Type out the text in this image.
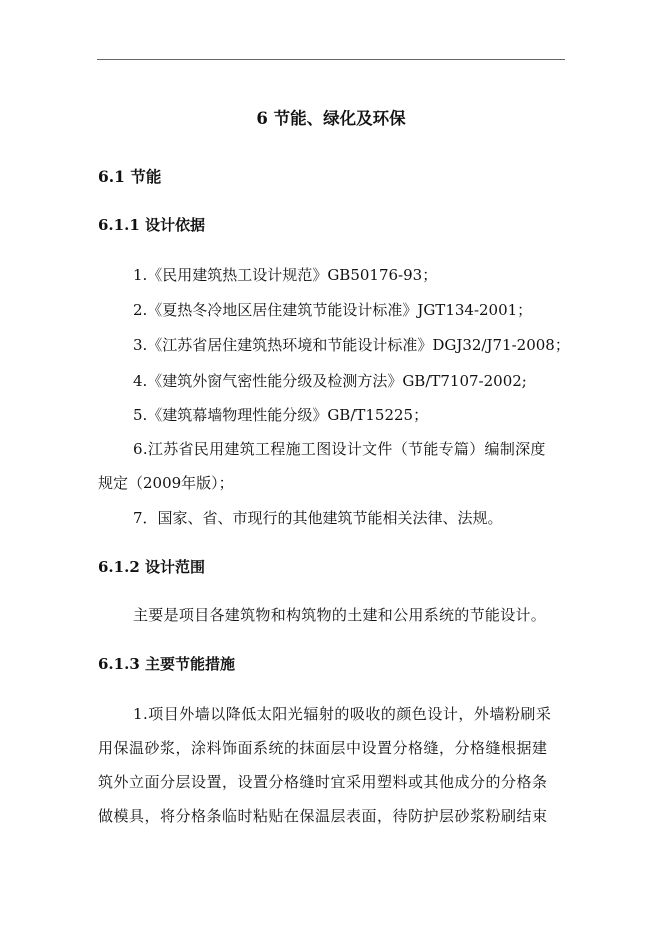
6 节能、绿化及环保
6.1 节能
6.1.1 设计依据
1.《民用建筑热工设计规范》GB50176-93；
2.《夏热冬冷地区居住建筑节能设计标准》JGT134-2001；
3.《江苏省居住建筑热环境和节能设计标准》DGJ32/J71-2008；
4.《建筑外窗气密性能分级及检测方法》GB/T7107-2002;
5.《建筑幕墙物理性能分级》GB/T15225；
6.江苏省民用建筑工程施工图设计文件（节能专篇）编制深度
规定（2009年版）；
7．国家、省、市现行的其他建筑节能相关法律、法规。
6.1.2 设计范围
主要是项目各建筑物和构筑物的土建和公用系统的节能设计。
6.1.3 主要节能措施
1.项目外墙以降低太阳光辐射的吸收的颜色设计，外墙粉刷采
用保温砂浆，涂料饰面系统的抹面层中设置分格缝，分格缝根据建
筑外立面分层设置，设置分格缝时宜采用塑料或其他成分的分格条
做模具，将分格条临时粘贴在保温层表面，待防护层砂浆粉刷结束
